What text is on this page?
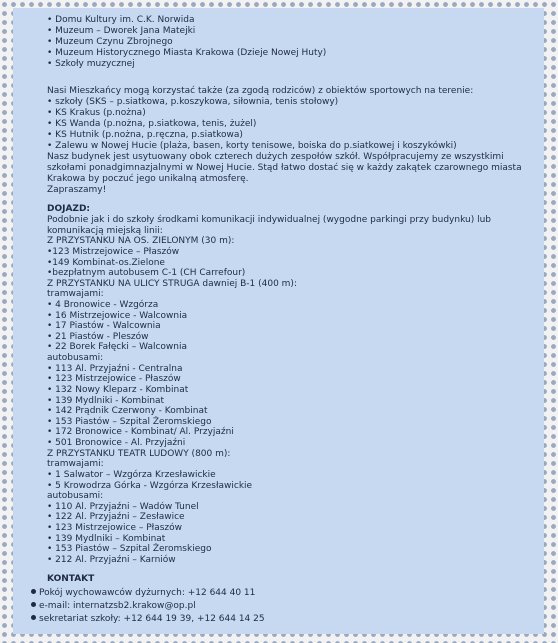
• Domu Kultury im. C.K. Norwida
• Muzeum – Dworek Jana Matejki
• Muzeum Czynu Zbrojnego
• Muzeum Historycznego Miasta Krakowa (Dzieje Nowej Huty)
• Szkoły muzycznej
Nasi Mieszkańcy mogą korzystać także (za zgodą rodziców) z obiektów sportowych na terenie:
• szkoły (SKS – p.siatkowa, p.koszykowa, siłownia, tenis stołowy)
• KS Krakus (p.nożna)
• KS Wanda (p.nożna, p.siatkowa, tenis, żużel)
• KS Hutnik (p.nożna, p.ręczna, p.siatkowa)
• Zalewu w Nowej Hucie (plaża, basen, korty tenisowe, boiska do p.siatkowej i koszykówki)
Nasz budynek jest usytuowany obok czterech dużych zespołów szkół. Współpracujemy ze wszystkimi
szkołami ponadgimnazjalnymi w Nowej Hucie. Stąd łatwo dostać się w każdy zakątek czarownego miasta
Krakowa by poczuć jego unikalną atmosferę.
Zapraszamy!
DOJAZD:
Podobnie jak i do szkoły środkami komunikacji indywidualnej (wygodne parkingi przy budynku) lub
komunikacją miejską linii:
Z PRZYSTANKU NA OS. ZIELONYM (30 m):
•123 Mistrzejowice – Płaszów
•149 Kombinat-os.Zielone
•bezpłatnym autobusem C-1 (CH Carrefour)
Z PRZYSTANKU NA ULICY STRUGA dawniej B-1 (400 m):
tramwajami:
• 4 Bronowice - Wzgórza
• 16 Mistrzejowice - Walcownia
• 17 Piastów - Walcownia
• 21 Piastów - Pleszów
• 22 Borek Fałęcki – Walcownia
autobusami:
• 113 Al. Przyjaźni - Centralna
• 123 Mistrzejowice - Płaszów
• 132 Nowy Kleparz - Kombinat
• 139 Mydlniki - Kombinat
• 142 Prądnik Czerwony - Kombinat
• 153 Piastów – Szpital Żeromskiego
• 172 Bronowice - Kombinat/ Al. Przyjaźni
• 501 Bronowice - Al. Przyjaźni
Z PRZYSTANKU TEATR LUDOWY (800 m):
tramwajami:
• 1 Salwator – Wzgórza Krzesławickie
• 5 Krowodrza Górka - Wzgórza Krzesławickie
autobusami:
• 110 Al. Przyjaźni – Wadów Tunel
• 122 Al. Przyjaźni – Zesławice
• 123 Mistrzejowice – Płaszów
• 139 Mydlniki – Kombinat
• 153 Piastów – Szpital Żeromskiego
• 212 Al. Przyjaźni – Karniów
KONTAKT
Pokój wychowawców dyżurnych: +12 644 40 11
e-mail: internatzsb2.krakow@op.pl
sekretariat szkoły: +12 644 19 39, +12 644 14 25
